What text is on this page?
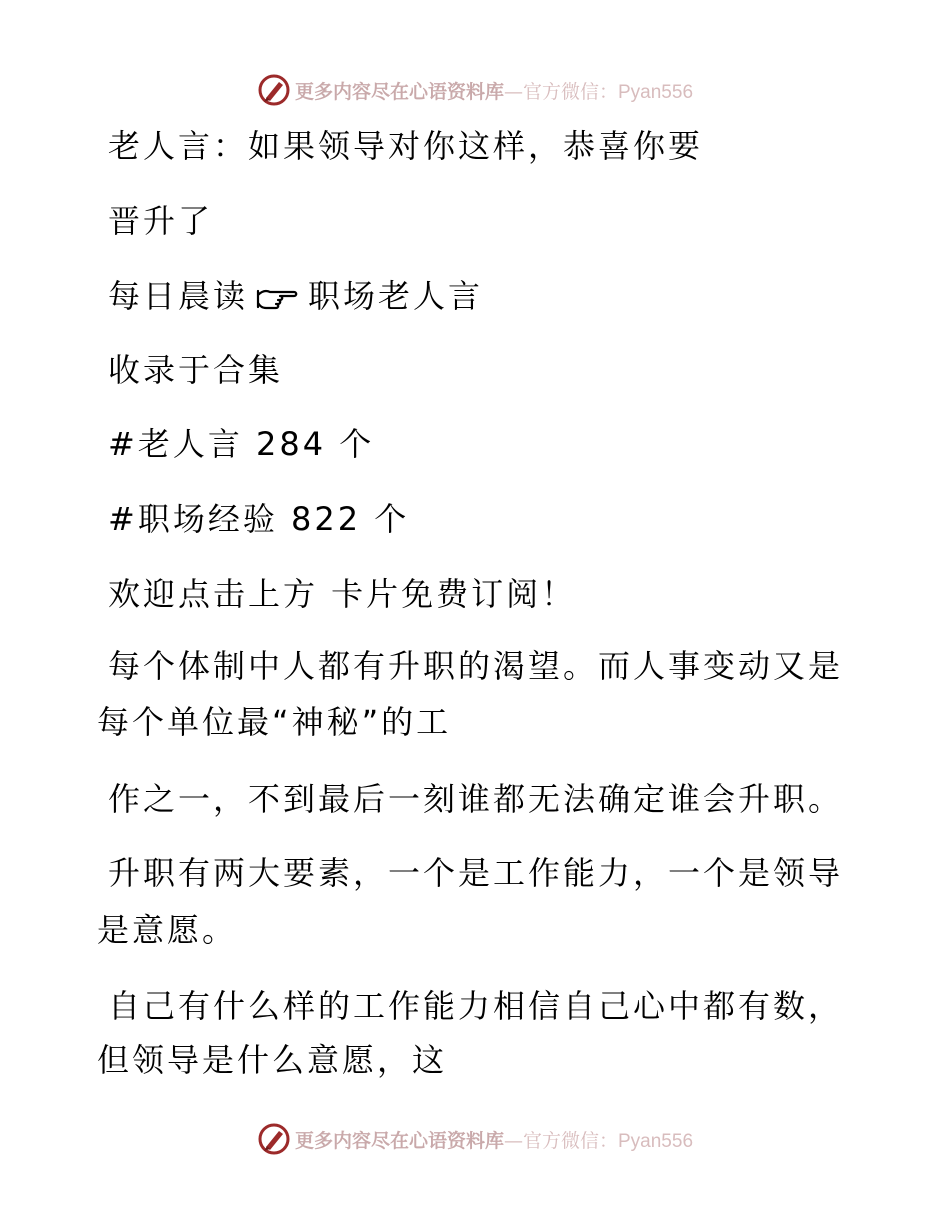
更多内容尽在心语资料库 —官方微信：Pyan556

老人言：如果领导对你这样，恭喜你要

晋升了

每日晨读 职场老人言

收录于合集

#老人言 284 个

#职场经验 822 个

欢迎点击上方 卡片免费订阅！

每个体制中人都有升职的渴望。而人事变动又是

每个单位最“神秘”的工

作之一，不到最后一刻谁都无法确定谁会升职。

升职有两大要素，一个是工作能力，一个是领导

是意愿。

自己有什么样的工作能力相信自己心中都有数，

但领导是什么意愿，这

更多内容尽在心语资料库 —官方微信：Pyan556
